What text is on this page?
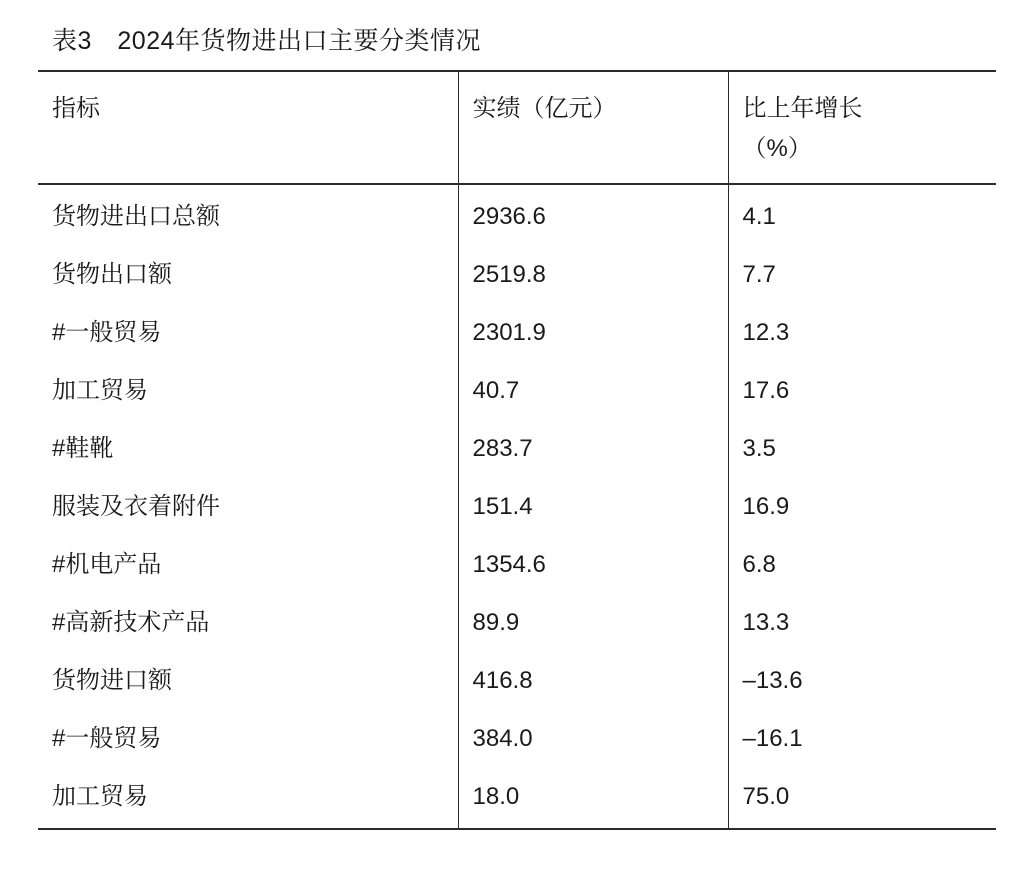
表3　2024年货物进出口主要分类情况
指标	实绩（亿元）	比上年增长
（%）

货物进出口总额	2936.6	4.1
货物出口额	2519.8	7.7
#一般贸易	2301.9	12.3
加工贸易	40.7	17.6
#鞋靴	283.7	3.5
服装及衣着附件	151.4	16.9
#机电产品	1354.6	6.8
#高新技术产品	89.9	13.3
货物进口额	416.8	–13.6
#一般贸易	384.0	–16.1
加工贸易	18.0	75.0
